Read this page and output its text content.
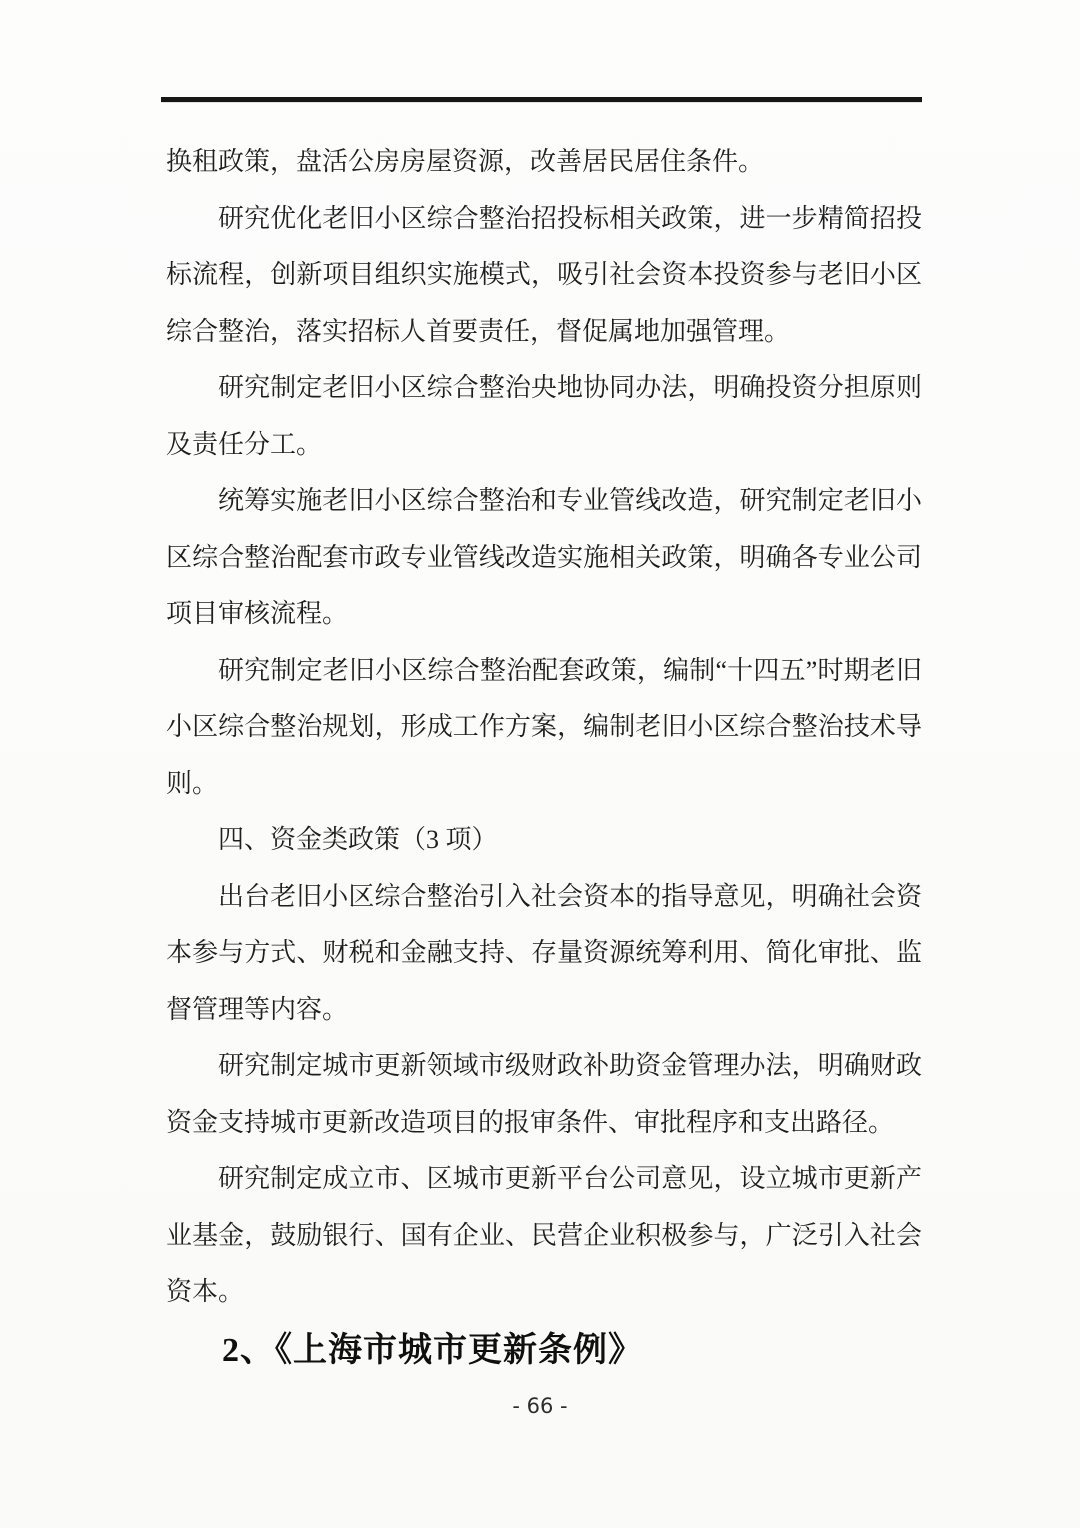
换租政策，盘活公房房屋资源，改善居民居住条件。

研究优化老旧小区综合整治招投标相关政策，进一步精简招投标流程，创新项目组织实施模式，吸引社会资本投资参与老旧小区综合整治，落实招标人首要责任，督促属地加强管理。

研究制定老旧小区综合整治央地协同办法，明确投资分担原则及责任分工。

统筹实施老旧小区综合整治和专业管线改造，研究制定老旧小区综合整治配套市政专业管线改造实施相关政策，明确各专业公司项目审核流程。

研究制定老旧小区综合整治配套政策，编制“十四五”时期老旧小区综合整治规划，形成工作方案，编制老旧小区综合整治技术导则。

四、资金类政策（3 项）

出台老旧小区综合整治引入社会资本的指导意见，明确社会资本参与方式、财税和金融支持、存量资源统筹利用、简化审批、监督管理等内容。

研究制定城市更新领域市级财政补助资金管理办法，明确财政资金支持城市更新改造项目的报审条件、审批程序和支出路径。

研究制定成立市、区城市更新平台公司意见，设立城市更新产业基金，鼓励银行、国有企业、民营企业积极参与，广泛引入社会资本。

2、《上海市城市更新条例》
- 66 -
